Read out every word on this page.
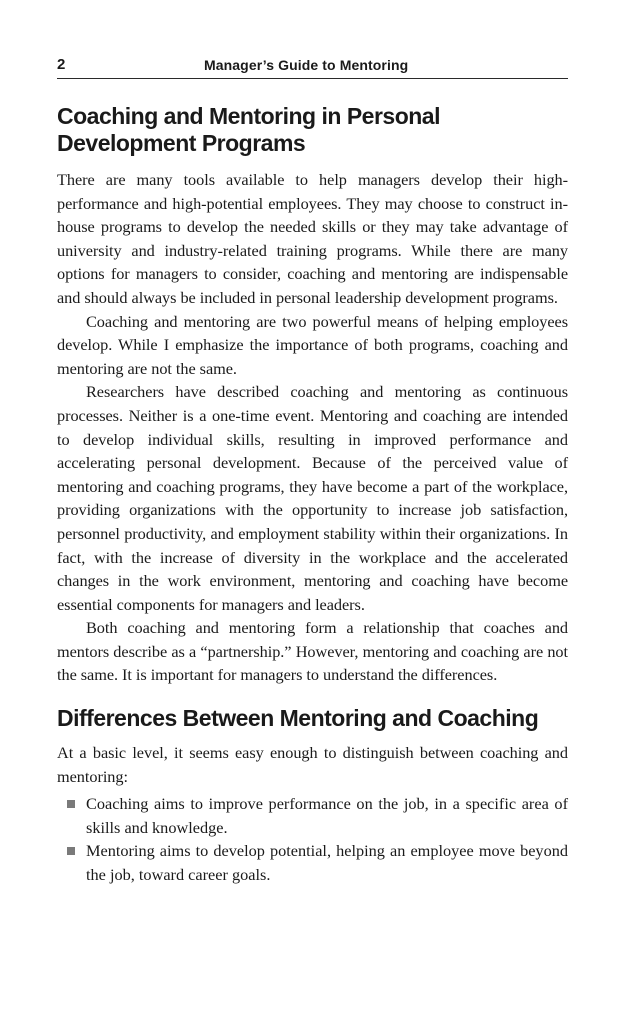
2	Manager’s Guide to Mentoring
Coaching and Mentoring in Personal
Development Programs

There are many tools available to help managers develop their high-performance and high-potential employees. They may choose to construct in-house programs to develop the needed skills or they may take advantage of university and industry-related training programs. While there are many options for managers to consider, coaching and mentoring are indispensable and should always be included in personal leadership development programs.

Coaching and mentoring are two powerful means of helping employees develop. While I emphasize the importance of both programs, coaching and mentoring are not the same.

Researchers have described coaching and mentoring as continuous processes. Neither is a one-time event. Mentoring and coaching are intended to develop individual skills, resulting in improved performance and accelerating personal development. Because of the perceived value of mentoring and coaching programs, they have become a part of the workplace, providing organizations with the opportunity to increase job satisfaction, personnel productivity, and employment stability within their organizations. In fact, with the increase of diversity in the workplace and the accelerated changes in the work environment, mentoring and coaching have become essential components for managers and leaders.

Both coaching and mentoring form a relationship that coaches and mentors describe as a “partnership.” However, mentoring and coaching are not the same. It is important for managers to understand the differences.

Differences Between Mentoring and Coaching

At a basic level, it seems easy enough to distinguish between coaching and mentoring:

Coaching aims to improve performance on the job, in a specific area of skills and knowledge.
Mentoring aims to develop potential, helping an employee move beyond the job, toward career goals.
